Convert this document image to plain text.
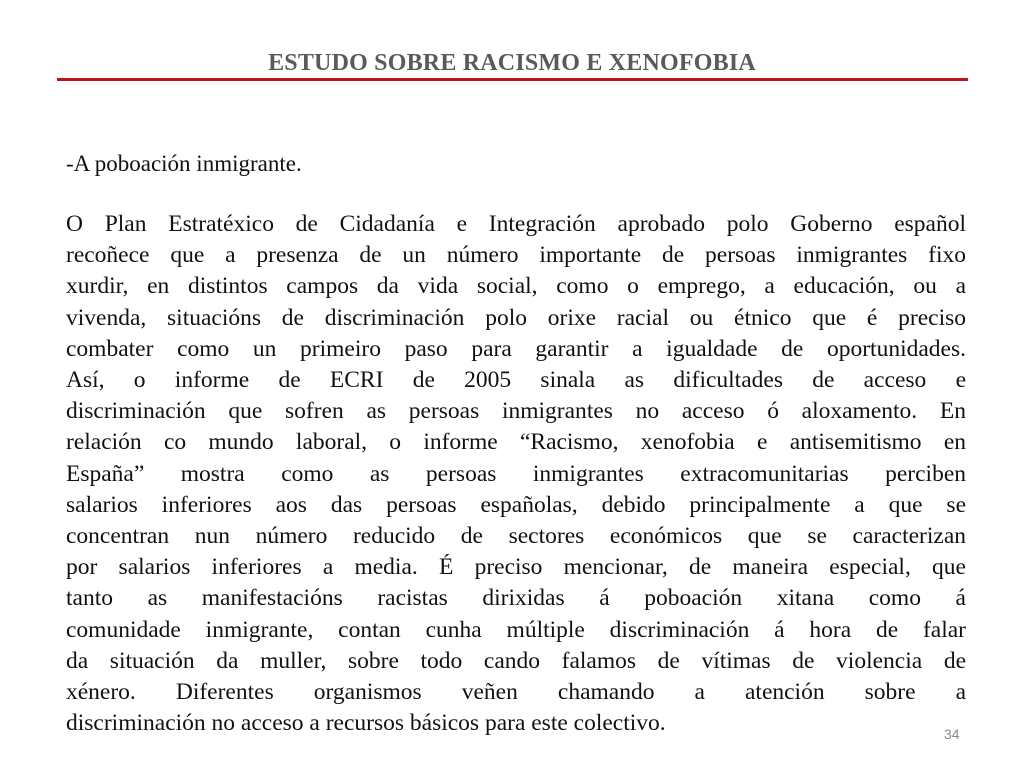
ESTUDO SOBRE RACISMO E XENOFOBIA
-A poboación inmigrante.
O Plan Estratéxico de Cidadanía e Integración aprobado polo Goberno español
recoñece que a presenza de un número importante de persoas inmigrantes fixo
xurdir, en distintos campos da vida social, como o emprego, a educación, ou a
vivenda, situacións de discriminación polo orixe racial ou étnico que é preciso
combater como un primeiro paso para garantir a igualdade de oportunidades.
Así, o informe de ECRI de 2005 sinala as dificultades de acceso e
discriminación que sofren as persoas inmigrantes no acceso ó aloxamento. En
relación co mundo laboral, o informe “Racismo, xenofobia e antisemitismo en
España” mostra como as persoas inmigrantes extracomunitarias perciben
salarios inferiores aos das persoas españolas, debido principalmente a que se
concentran nun número reducido de sectores económicos que se caracterizan
por salarios inferiores a media. É preciso mencionar, de maneira especial, que
tanto as manifestacións racistas dirixidas á poboación xitana como á
comunidade inmigrante, contan cunha múltiple discriminación á hora de falar
da situación da muller, sobre todo cando falamos de vítimas de violencia de
xénero. Diferentes organismos veñen chamando a atención sobre a
discriminación no acceso a recursos básicos para este colectivo.	34
